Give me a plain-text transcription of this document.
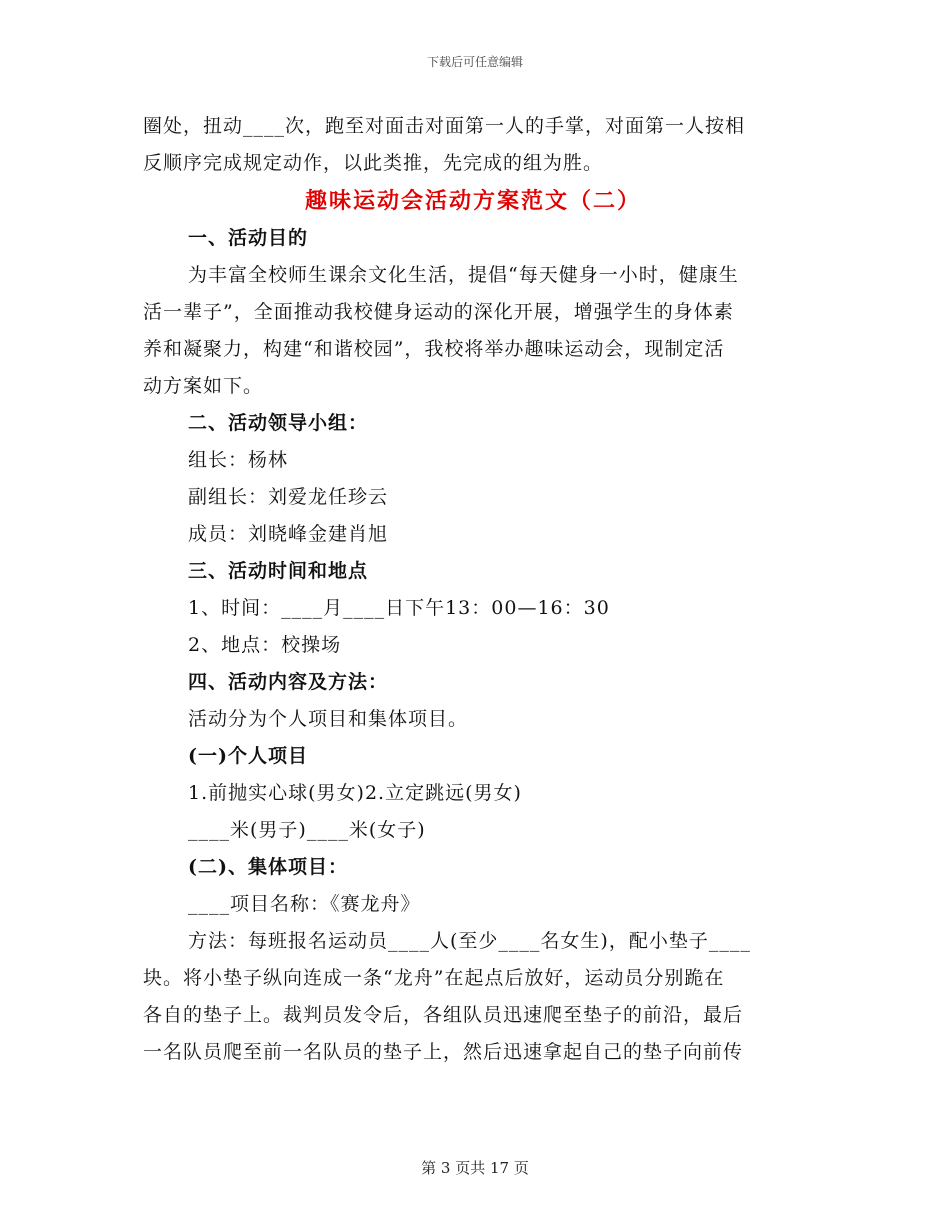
下载后可任意编辑
圈处，扭动____次，跑至对面击对面第一人的手掌，对面第一人按相
反顺序完成规定动作，以此类推，先完成的组为胜。
趣味运动会活动方案范文（二）
一、活动目的
为丰富全校师生课余文化生活，提倡“每天健身一小时，健康生
活一辈子”，全面推动我校健身运动的深化开展，增强学生的身体素
养和凝聚力，构建“和谐校园”，我校将举办趣味运动会，现制定活
动方案如下。
二、活动领导小组：
组长：杨林
副组长：刘爱龙任珍云
成员：刘晓峰金建肖旭
三、活动时间和地点
1、时间：____月____日下午13：00—16：30
2、地点：校操场
四、活动内容及方法：
活动分为个人项目和集体项目。
(一)个人项目
1.前抛实心球(男女)2.立定跳远(男女)
____米(男子)____米(女子)
(二)、集体项目：
____项目名称：《赛龙舟》
方法：每班报名运动员____人(至少____名女生)，配小垫子____
块。将小垫子纵向连成一条“龙舟”在起点后放好，运动员分别跪在
各自的垫子上。裁判员发令后，各组队员迅速爬至垫子的前沿，最后
一名队员爬至前一名队员的垫子上，然后迅速拿起自己的垫子向前传
第 3 页共 17 页
